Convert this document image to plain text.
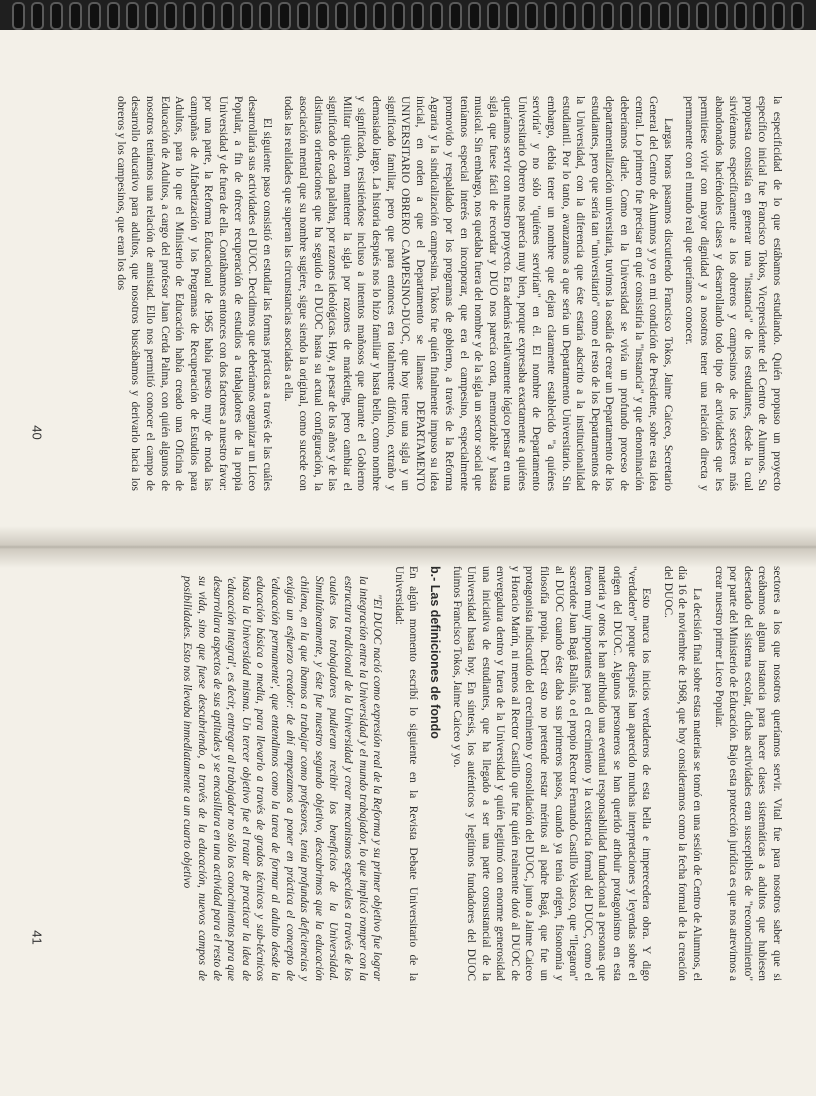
la especificidad de lo que estábamos estudiando. Quién propuso un proyecto específico inicial fue Francisco Tokos, Vicepresidente del Centro de Alumnos. Su propuesta consistía en generar una "instancia" de los estudiantes, desde la cual sirviéramos específicamente a los obreros y campesinos de los sectores más abandonados haciéndoles clases y desarrollando todo tipo de actividades que les permitiese vivir con mayor dignidad y a nosotros tener una relación directa y permanente con el mundo real que queríamos conocer.

Largas horas pasamos discutiendo Francisco Tokos, Jaime Caiceo, Secretario General del Centro de Alumnos y yo en mi condición de Presidente, sobre esta idea central. Lo primero fue precisar en qué consistiría la "instancia" y que denominación deberíamos darle. Como en la Universidad se vivía un profundo proceso de departamentalización universitaria, tuvimos la osadía de crear un Departamento de los estudiantes, pero que sería tan "universitario" como el resto de los Departamentos de la Universidad, con la diferencia que éste estaría adscrito a la institucionalidad estudiantil. Por lo tanto, avanzamos a que sería un Departamento Universitario. Sin embargo, debía tener un nombre que dejara claramente establecido "a quiénes serviría" y no sólo "quiénes servirían" en él. El nombre de Departamento Universitario Obrero nos parecía muy bien, porque expresaba exactamente a quiénes queríamos servir con nuestro proyecto. Era además relativamente lógico pensar en una sigla que fuese fácil de recordar y DUO nos parecía corta, memorizable y hasta musical. Sin embargo, nos quedaba fuera del nombre y de la sigla un sector social que teníamos especial interés en incorporar, que era el campesino, especialmente promovido y respaldado por los programas de gobierno, a través de la Reforma Agraria y la sindicalización campesina. Tokos fue quién finalmente impuso su idea inicial, en orden a que el Departamento se llamase DEPARTAMENTO UNIVERSITARIO OBRERO CAMPESINO-DUOC, que hoy tiene una sigla y un significado familiar, pero que para entonces era totalmente difónico, extraño y demasiado largo. La historia después nos lo hizo familiar y hasta bello, como nombre y significado, resistiéndose incluso a intentos mañosos que durante el Gobierno Militar quisieron mantener la sigla por razones de marketing, pero cambiar el significado de cada palabra, por razones ideológicas. Hoy, a pesar de los años y de las distintas orientaciones que ha seguido el DUOC hasta su actual configuración, la asociación mental que su nombre sugiere, sigue siendo la original, como sucede con todas las realidades que superan las circunstancias asociadas a ella.

El siguiente paso consistió en estudiar las formas prácticas a través de las cuáles desarrollaría sus actividades el DUOC. Decidimos que deberíamos organizar un Liceo Popular, a fin de ofrecer recuperación de estudios a trabajadores de la propia Universidad y de fuera de ella. Contábamos entonces con dos factores a nuestro favor: por una parte, la Reforma Educacional de 1965 había puesto muy de moda las campañas de Alfabetización y los Programas de Recuperación de Estudios para Adultos, para lo que el Ministerio de Educación había creado una Oficina de Educación de Adultos, a cargo del profesor Juan Cerda Palma, con quién algunos de nosotros teníamos una relación de amistad. Ello nos permitió conocer el campo de desarrollo educativo para adultos, que nosotros buscábamos y derivarlo hacia los obreros y los campesinos, que eran los dos

sectores a los que nosotros queríamos servir. Vital fue para nosotros saber que si creábamos alguna instancia para hacer clases sistemáticas a adultos que hubiesen desertado del sistema escolar, dichas actividades eran susceptibles de "reconocimiento" por parte del Ministerio de Educación. Bajo esta protección jurídica es que nos atrevimos a crear nuestro primer Liceo Popular.

La decisión final sobre estas materias se tomó en una sesión de Centro de Alumnos, el día 16 de noviembre de 1968, que hoy consideramos como la fecha formal de la creación del DUOC.

Esto marca los inicios verdaderos de esta bella e imperecedera obra. Y digo "verdadero" porque después han aparecido muchas interpretaciones y leyendas sobre el origen del DUOC. Algunos personeros se han querido atribuir protagonismo en esta materia y otros le han atribuido una eventual responsabilidad fundacional a personas que fueron muy importantes para el crecimiento y la existencia formal del DUOC, como el sacerdote Juan Bagá Ballús, o el propio Rector Fernando Castillo Velasco, que "llegaron" al DUOC cuando éste daba sus primeros pasos, cuando ya tenía origen, fisonomía y filosofía propia. Decir esto no pretende restar méritos al padre Bagá, que fue un protagonista indiscutido del crecimiento y consolidación del DUOC, junto a Jaime Caiceo y Horacio Marín, ni menos al Rector Castillo que fue quién realmente dotó al DUOC de envergadura dentro y fuera de la Universidad y quién legitimó con enorme generosidad una iniciativa de estudiantes, que ha llegado a ser una parte consustancial de la Universidad hasta hoy. En síntesis, los auténticos y legítimos fundadores del DUOC fuimos Francisco Tokos, Jaime Caiceo y yo.

b.- Las definiciones de fondo

En algún momento escribí lo siguiente en la Revista Debate Universitario de la Universidad:

"El DUOC nació como expresión real de la Reforma y su primer objetivo fue lograr la integración entre la Universidad y el mundo trabajador, lo que implicó romper con la estructura tradicional de la Universidad y crear mecanismos especiales a través de los cuales los trabajadores pudieran recibir los beneficios de la Universidad. Simultáneamente, y éste fue nuestro segundo objetivo, descubrimos que la educación chilena, en la que íbamos a trabajar como profesores, tenía profundas deficiencias y exigía un esfuerzo creador: de ahí empezamos a poner en práctica el concepto de 'educación permanente', que entendimos como la tarea de formar al adulto desde la educación básica o media, para llevarlo a través de grados técnicos y sub-técnicos hasta la Universidad misma. Un tercer objetivo fue el tratar de practicar la idea de 'educación integral', es decir, entregar al trabajador no sólo los conocimientos para que desarrollara aspectos de sus aptitudes y se encasillara en una actividad para el resto de su vida, sino que fuese descubriendo, a través de la educación, nuevos campos de posibilidades. Esto nos llevaba inmediatamente a un cuarto objetivo

40
41
